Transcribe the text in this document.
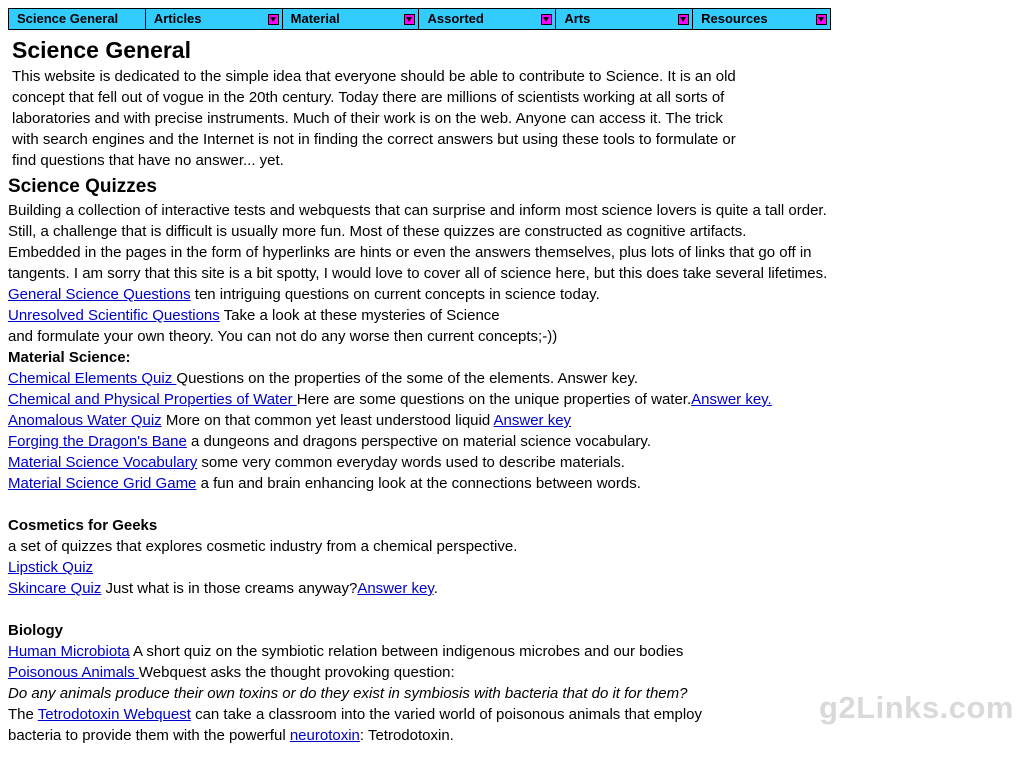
Science General	Articles	Material	Assorted	Arts	Resources
Science General
This website is dedicated to the simple idea that everyone should be able to contribute to Science. It is an old
concept that fell out of vogue in the 20th century. Today there are millions of scientists working at all sorts of
laboratories and with precise instruments. Much of their work is on the web. Anyone can access it. The trick
with search engines and the Internet is not in finding the correct answers but using these tools to formulate or
find questions that have no answer... yet.
Science Quizzes
Building a collection of interactive tests and webquests that can surprise and inform most science lovers is quite a tall order.
Still, a challenge that is difficult is usually more fun. Most of these quizzes are constructed as cognitive artifacts.
Embedded in the pages in the form of hyperlinks are hints or even the answers themselves, plus lots of links that go off in
tangents. I am sorry that this site is a bit spotty, I would love to cover all of science here, but this does take several lifetimes.
General Science Questions ten intriguing questions on current concepts in science today.
Unresolved Scientific Questions Take a look at these mysteries of Science
and formulate your own theory. You can not do any worse then current concepts;-))
Material Science:
Chemical Elements Quiz Questions on the properties of the some of the elements. Answer key.
Chemical and Physical Properties of Water Here are some questions on the unique properties of water.Answer key.
Anomalous Water Quiz More on that common yet least understood liquid Answer key
Forging the Dragon's Bane a dungeons and dragons perspective on material science vocabulary.
Material Science Vocabulary some very common everyday words used to describe materials.
Material Science Grid Game a fun and brain enhancing look at the connections between words.
Cosmetics for Geeks
a set of quizzes that explores cosmetic industry from a chemical perspective.
Lipstick Quiz
Skincare Quiz Just what is in those creams anyway?Answer key.
Biology
Human Microbiota A short quiz on the symbiotic relation between indigenous microbes and our bodies
Poisonous Animals Webquest asks the thought provoking question:
Do any animals produce their own toxins or do they exist in symbiosis with bacteria that do it for them?
The Tetrodotoxin Webquest can take a classroom into the varied world of poisonous animals that employ
bacteria to provide them with the powerful neurotoxin: Tetrodotoxin.
g2Links.com
